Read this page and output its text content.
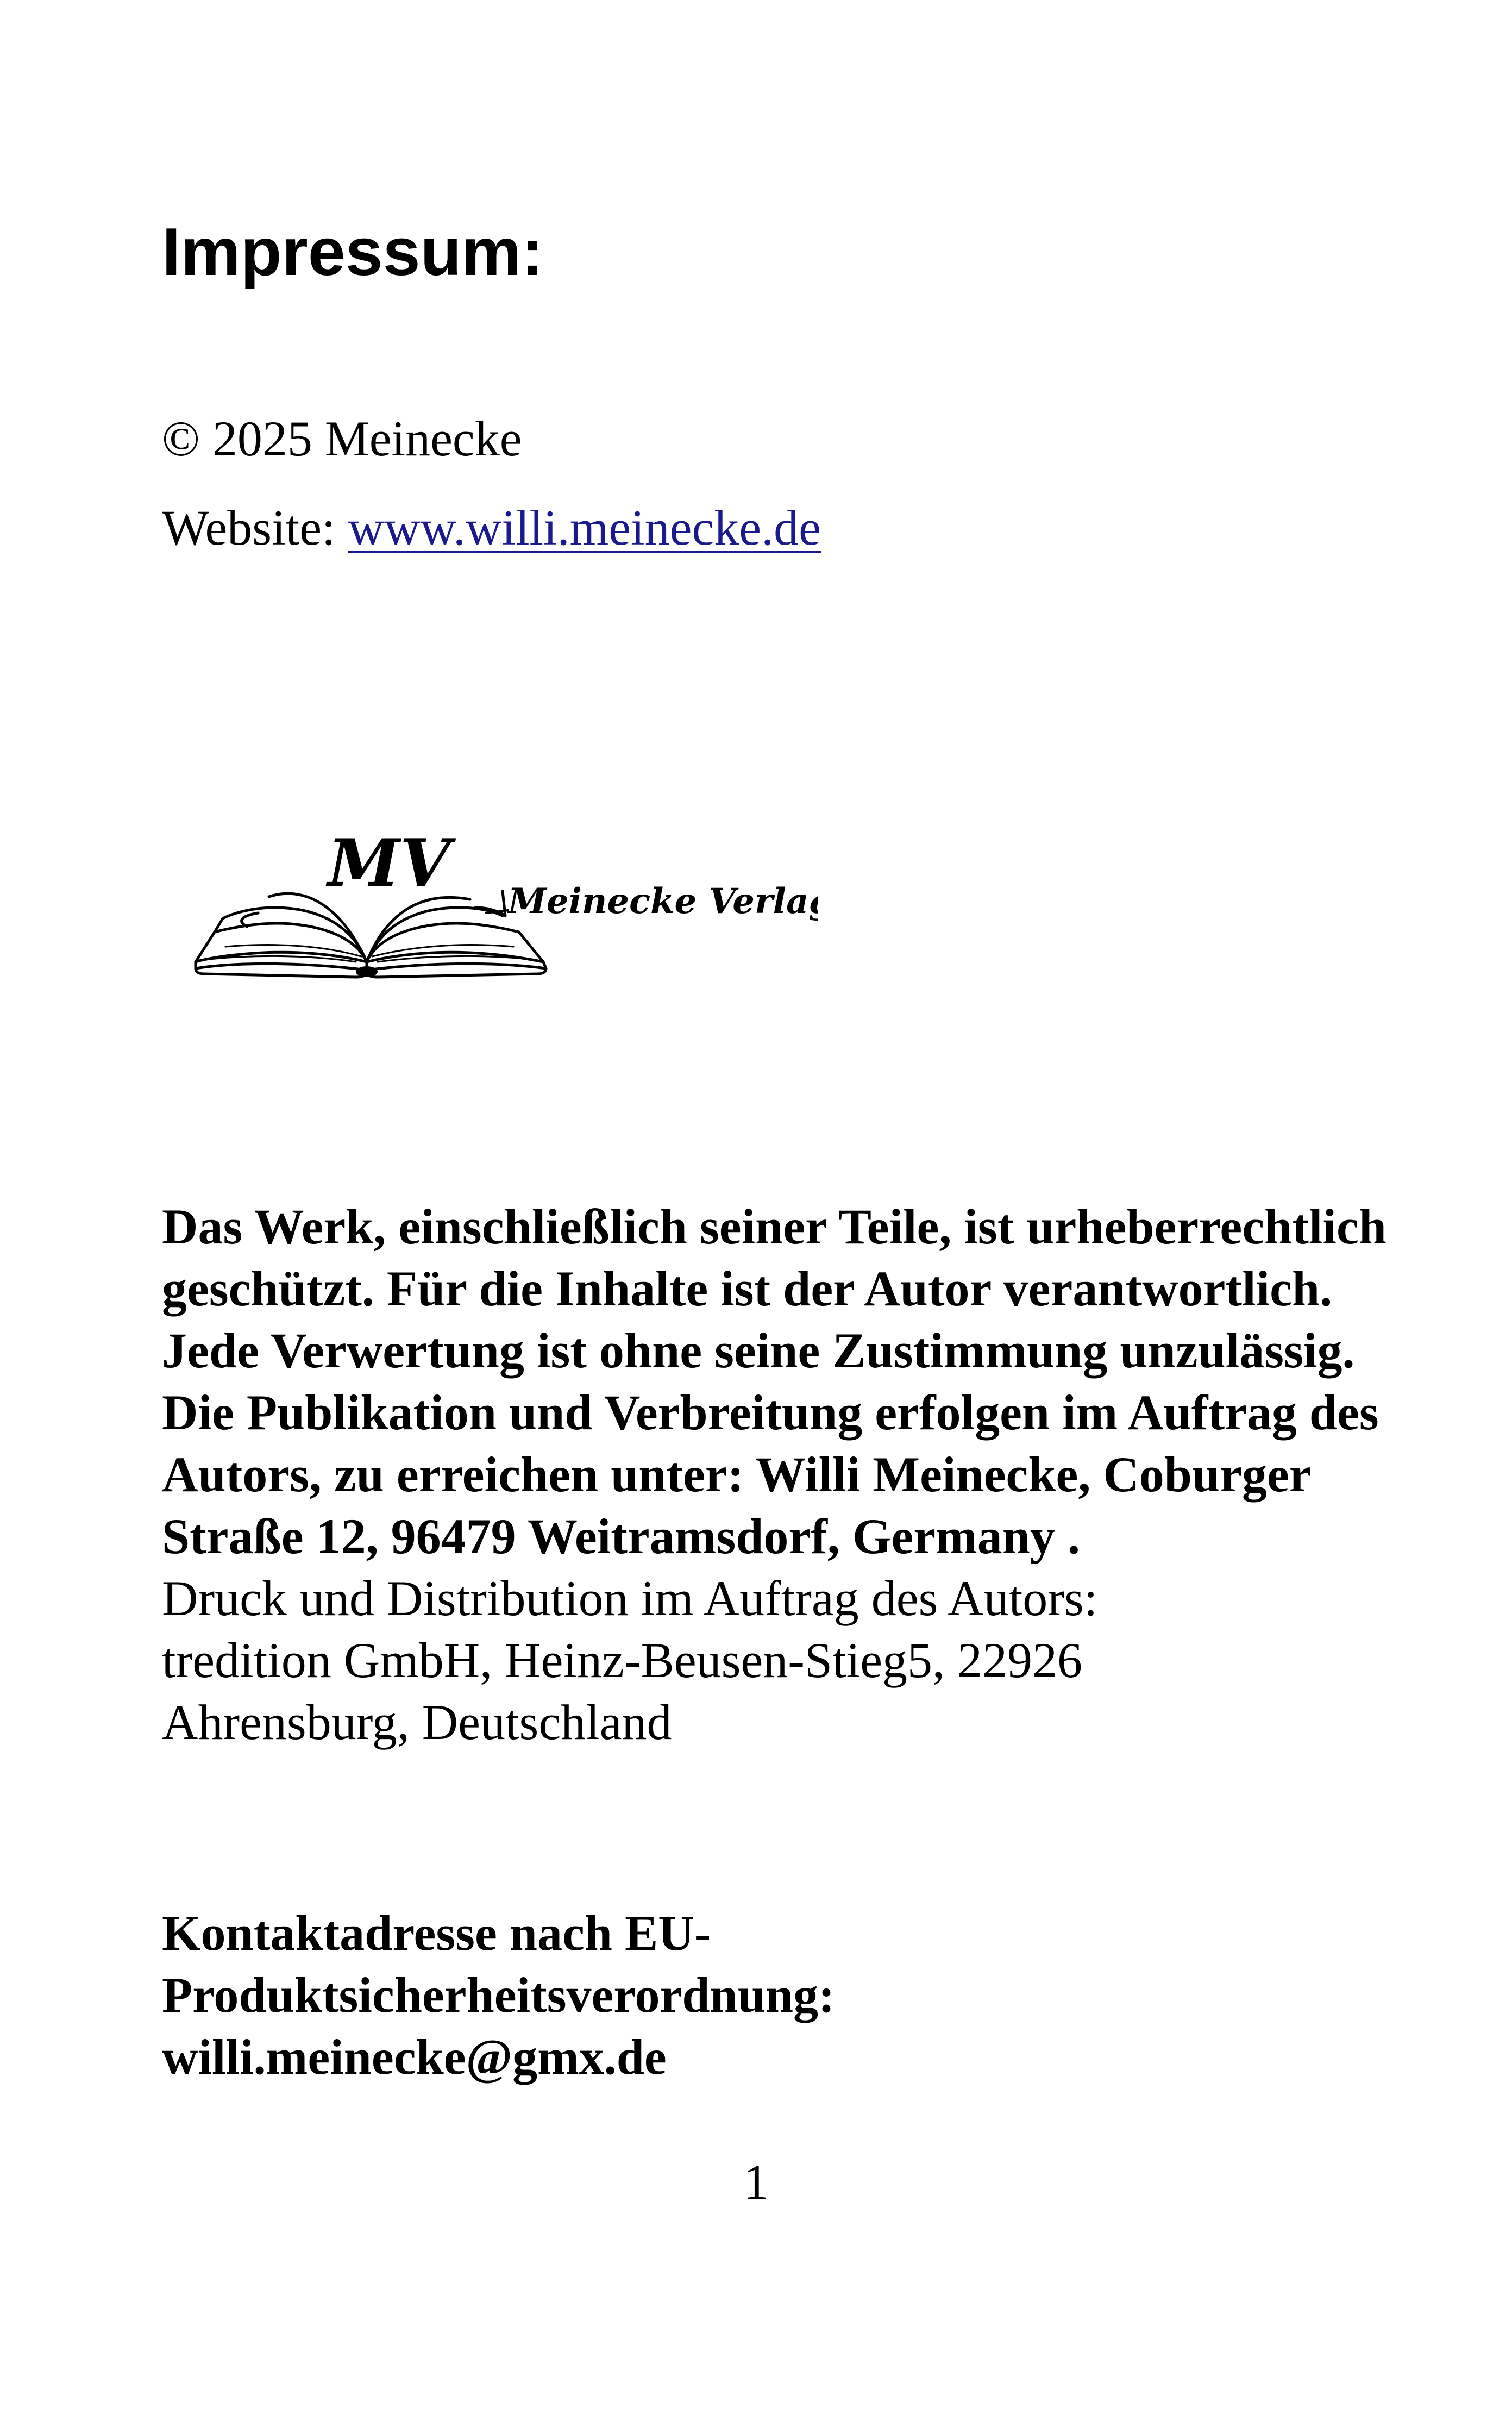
Impressum:
© 2025 Meinecke
Website: www.willi.meinecke.de
MV Meinecke Verlag
Das Werk, einschließlich seiner Teile, ist urheberrechtlich geschützt. Für die Inhalte ist der Autor verantwortlich. Jede Verwertung ist ohne seine Zustimmung unzulässig. Die Publikation und Verbreitung erfolgen im Auftrag des Autors, zu erreichen unter: Willi Meinecke, Coburger Straße 12, 96479 Weitramsdorf, Germany .
Druck und Distribution im Auftrag des Autors:
tredition GmbH, Heinz-Beusen-Stieg5, 22926
Ahrensburg, Deutschland
Kontaktadresse nach EU-
Produktsicherheitsverordnung:
willi.meinecke@gmx.de
1
